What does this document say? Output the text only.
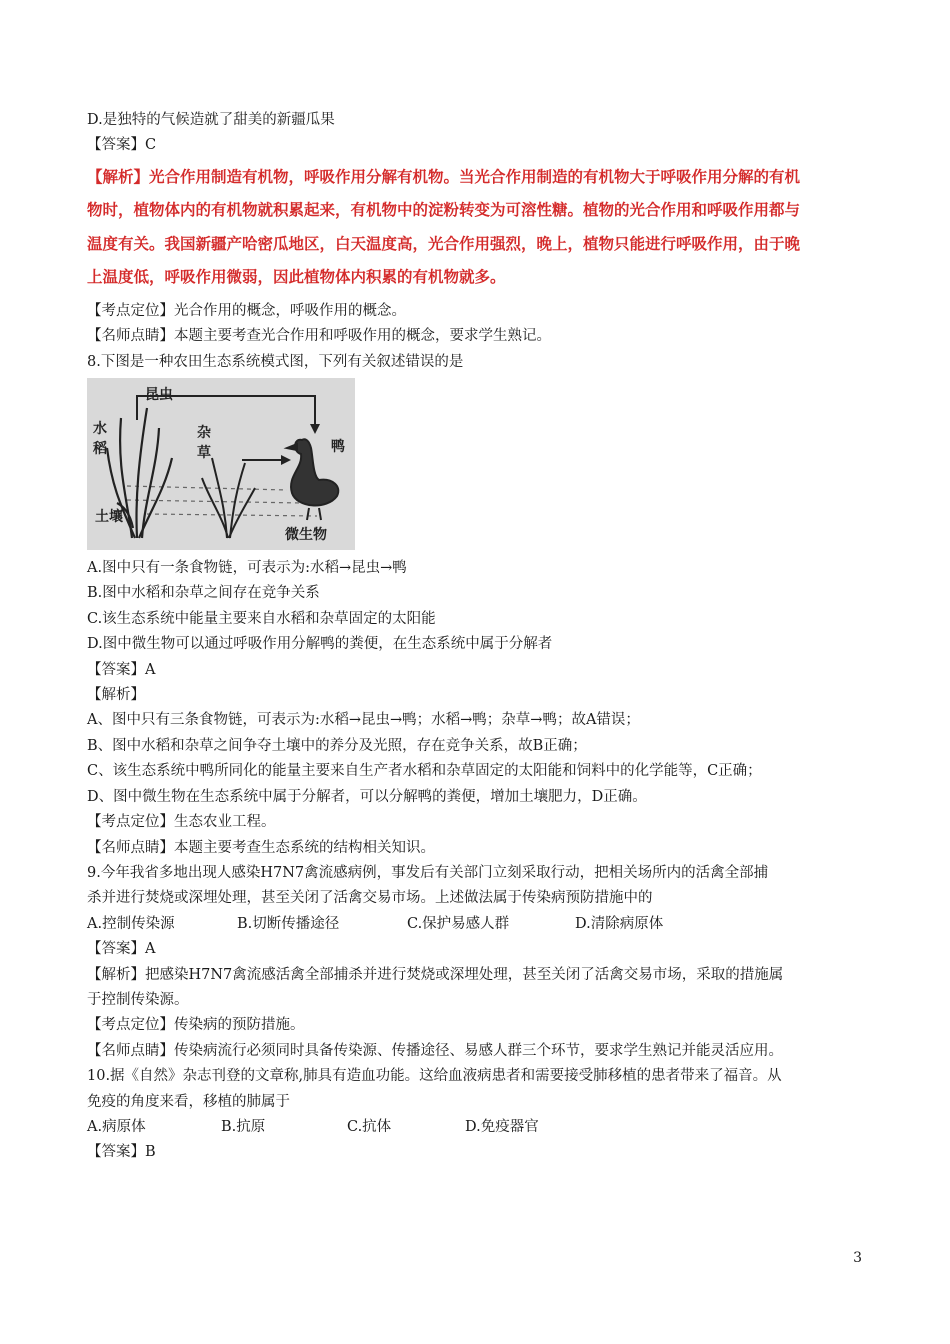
D.是独特的气候造就了甜美的新疆瓜果
【答案】C
【解析】光合作用制造有机物，呼吸作用分解有机物。当光合作用制造的有机物大于呼吸作用分解的有机
物时，植物体内的有机物就积累起来，有机物中的淀粉转变为可溶性糖。植物的光合作用和呼吸作用都与
温度有关。我国新疆产哈密瓜地区，白天温度高，光合作用强烈，晚上，植物只能进行呼吸作用，由于晚
上温度低，呼吸作用微弱，因此植物体内积累的有机物就多。
【考点定位】光合作用的概念，呼吸作用的概念。
【名师点睛】本题主要考查光合作用和呼吸作用的概念，要求学生熟记。
8.下图是一种农田生态系统模式图，下列有关叙述错误的是
昆虫
水
稻
杂
草	鸭
土壤
微生物
A.图中只有一条食物链，可表示为:水稻→昆虫→鸭
B.图中水稻和杂草之间存在竞争关系
C.该生态系统中能量主要来自水稻和杂草固定的太阳能
D.图中微生物可以通过呼吸作用分解鸭的粪便，在生态系统中属于分解者
【答案】A
【解析】
A、图中只有三条食物链，可表示为:水稻→昆虫→鸭；水稻→鸭；杂草→鸭；故A错误；
B、图中水稻和杂草之间争夺土壤中的养分及光照，存在竞争关系，故B正确；
C、该生态系统中鸭所同化的能量主要来自生产者水稻和杂草固定的太阳能和饲料中的化学能等，C正确；
D、图中微生物在生态系统中属于分解者，可以分解鸭的粪便，增加土壤肥力，D正确。
【考点定位】生态农业工程。
【名师点睛】本题主要考查生态系统的结构相关知识。
9.今年我省多地出现人感染H7N7禽流感病例，事发后有关部门立刻采取行动，把相关场所内的活禽全部捕
杀并进行焚烧或深埋处理，甚至关闭了活禽交易市场。上述做法属于传染病预防措施中的
A.控制传染源	B.切断传播途径	C.保护易感人群	D.清除病原体
【答案】A
【解析】把感染H7N7禽流感活禽全部捕杀并进行焚烧或深埋处理，甚至关闭了活禽交易市场，采取的措施属
于控制传染源。
【考点定位】传染病的预防措施。
【名师点睛】传染病流行必须同时具备传染源、传播途径、易感人群三个环节，要求学生熟记并能灵活应用。
10.据《自然》杂志刊登的文章称,肺具有造血功能。这给血液病患者和需要接受肺移植的患者带来了福音。从
免疫的角度来看，移植的肺属于
A.病原体	B.抗原	C.抗体	D.免疫器官
【答案】B
3
